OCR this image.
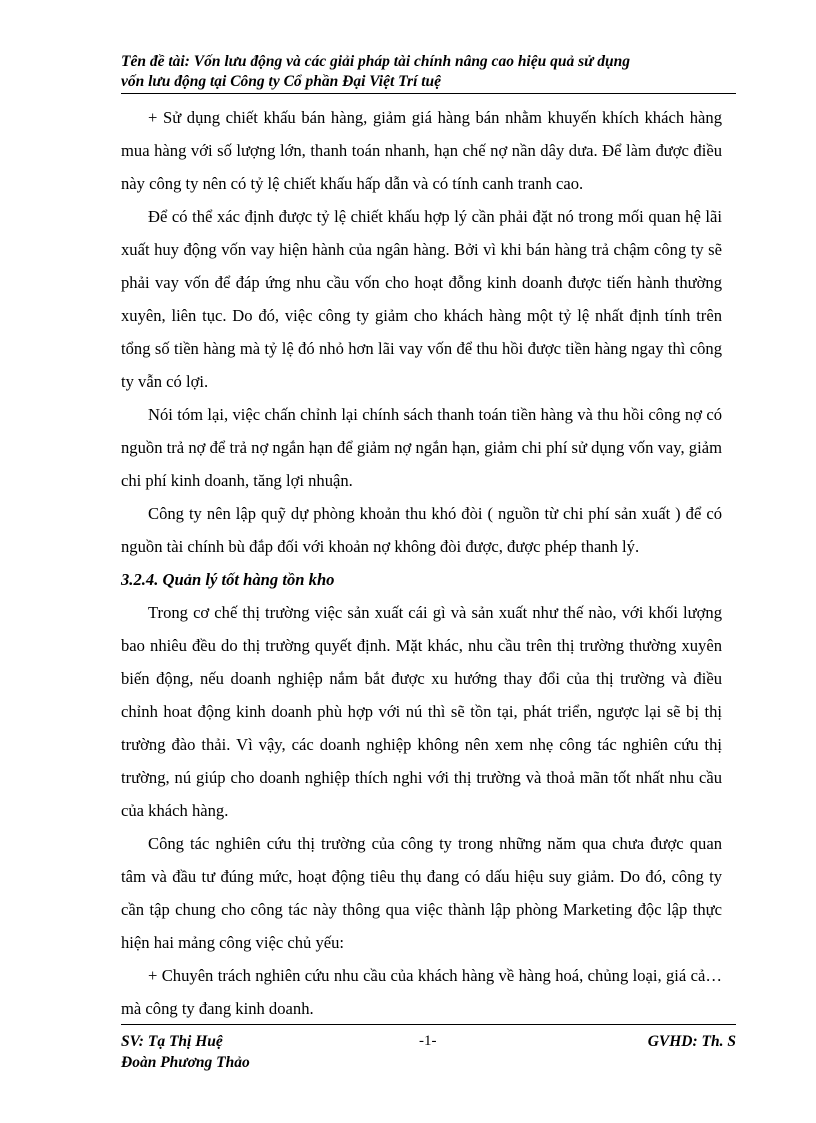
Tên đề tài: Vốn lưu động và các giải pháp tài chính nâng cao hiệu quả sử dụng
vốn lưu động tại Công ty Cổ phần Đại Việt Trí tuệ

+ Sử dụng chiết khấu bán hàng, giảm giá hàng bán nhằm khuyến khích khách hàng mua hàng với số lượng lớn, thanh toán nhanh, hạn chế nợ nần dây dưa. Để làm được điều này công ty nên có tỷ lệ chiết khấu hấp dẫn và có tính canh tranh cao.

Để có thể xác định được tỷ lệ chiết khấu hợp lý cần phải đặt nó trong mối quan hệ lãi xuất huy động vốn vay hiện hành của ngân hàng. Bởi vì khi bán hàng trả chậm công ty sẽ phải vay vốn để đáp ứng nhu cầu vốn cho hoạt đỗng kinh doanh được tiến hành thường xuyên, liên tục. Do đó, việc công ty giảm cho khách hàng một tỷ lệ nhất định tính trên tổng số tiền hàng mà tỷ lệ đó nhỏ hơn lãi vay vốn để thu hồi được tiền hàng ngay thì công ty vẫn có lợi.

Nói tóm lại, việc chấn chỉnh lại chính sách thanh toán tiền hàng và thu hồi công nợ có nguồn trả nợ để trả nợ ngắn hạn để giảm nợ ngắn hạn, giảm chi phí sử dụng vốn vay, giảm chi phí kinh doanh, tăng lợi nhuận.

Công ty nên lập quỹ dự phòng khoản thu khó đòi ( nguồn từ chi phí sản xuất ) để có nguồn tài chính bù đắp đối với khoản nợ không đòi được, được phép thanh lý.

3.2.4. Quản lý tốt hàng tồn kho

Trong cơ chế thị trường việc sản xuất cái gì và sản xuất như thế nào, với khối lượng bao nhiêu đều do thị trường quyết định. Mặt khác, nhu cầu trên thị trường thường xuyên biến động, nếu doanh nghiệp nắm bắt được xu hướng thay đổi của thị trường và điều chỉnh hoat động kinh doanh phù hợp với nú thì sẽ tồn tại, phát triển, ngược lại sẽ bị thị trường đào thải. Vì vậy, các doanh nghiệp không nên xem nhẹ công tác nghiên cứu thị trường, nú giúp cho doanh nghiệp thích nghi với thị trường và thoả mãn tốt nhất nhu cầu của khách hàng.

Công tác nghiên cứu thị trường của công ty trong những năm qua chưa được quan tâm và đầu tư đúng mức, hoạt động tiêu thụ đang có dấu hiệu suy giảm. Do đó, công ty cần tập chung cho công tác này thông qua việc thành lập phòng Marketing độc lập thực hiện hai mảng công việc chủ yếu:

+ Chuyên trách nghiên cứu nhu cầu của khách hàng về hàng hoá, chủng loại, giá cả…mà công ty đang kinh doanh.

SV: Tạ Thị Huệ
Đoàn Phương Thảo
-1-	GVHD: Th. S
